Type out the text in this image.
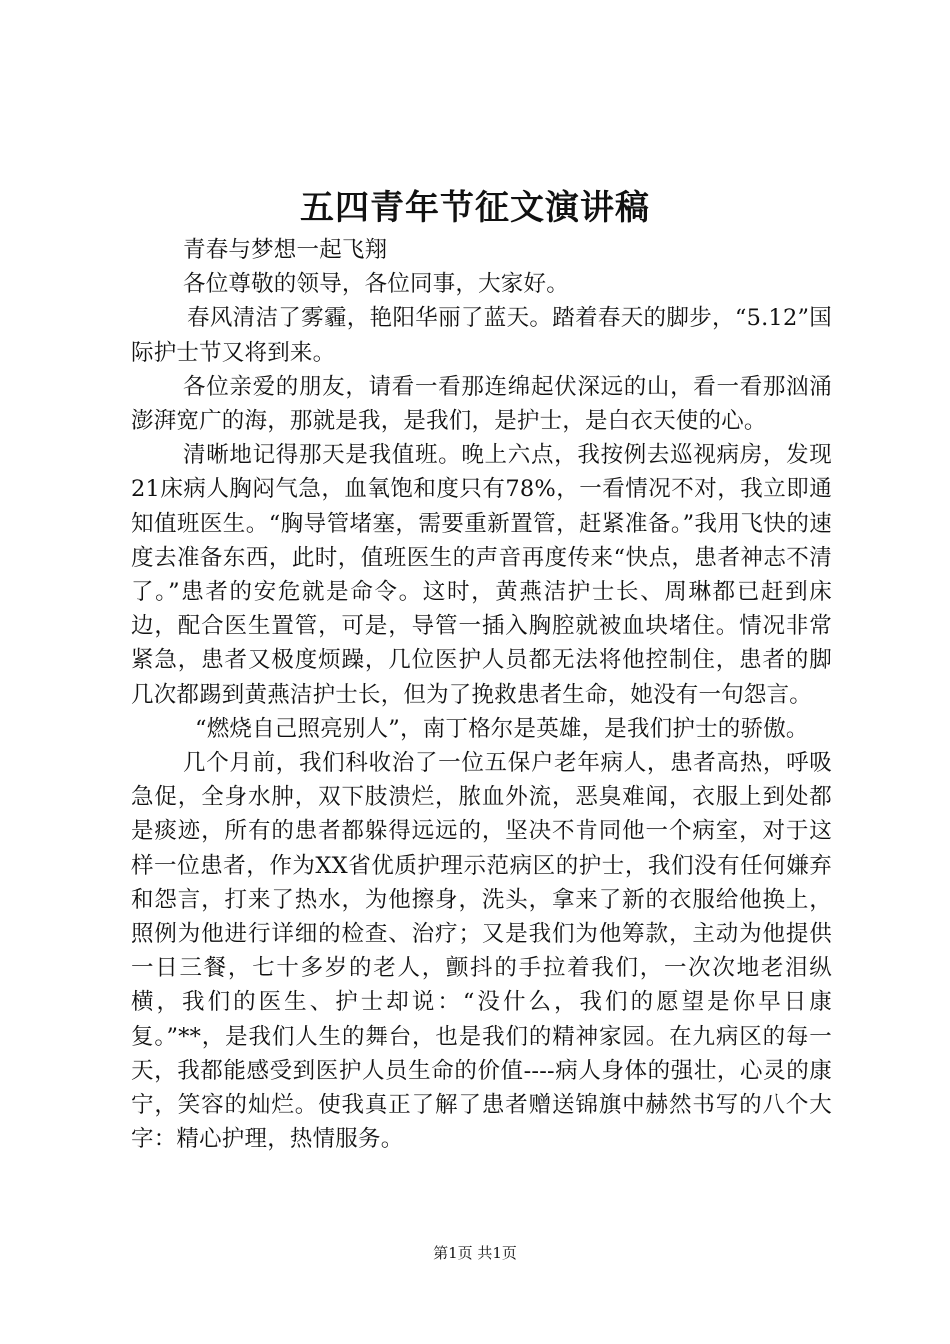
五四青年节征文演讲稿

青春与梦想一起飞翔

各位尊敬的领导，各位同事，大家好。

春风清洁了雾霾，艳阳华丽了蓝天。踏着春天的脚步，“5.12”国际护士节又将到来。

各位亲爱的朋友，请看一看那连绵起伏深远的山，看一看那汹涌澎湃宽广的海，那就是我，是我们，是护士，是白衣天使的心。

清晰地记得那天是我值班。晚上六点，我按例去巡视病房，发现21床病人胸闷气急，血氧饱和度只有78%，一看情况不对，我立即通知值班医生。“胸导管堵塞，需要重新置管，赶紧准备。”我用飞快的速度去准备东西，此时，值班医生的声音再度传来“快点，患者神志不清了。”患者的安危就是命令。这时，黄燕洁护士长、周琳都已赶到床边，配合医生置管，可是，导管一插入胸腔就被血块堵住。情况非常紧急，患者又极度烦躁，几位医护人员都无法将他控制住，患者的脚几次都踢到黄燕洁护士长，但为了挽救患者生命，她没有一句怨言。

“燃烧自己照亮别人”，南丁格尔是英雄，是我们护士的骄傲。

几个月前，我们科收治了一位五保户老年病人，患者高热，呼吸急促，全身水肿，双下肢溃烂，脓血外流，恶臭难闻，衣服上到处都是痰迹，所有的患者都躲得远远的，坚决不肯同他一个病室，对于这样一位患者，作为XX省优质护理示范病区的护士，我们没有任何嫌弃和怨言，打来了热水，为他擦身，洗头，拿来了新的衣服给他换上，照例为他进行详细的检查、治疗；又是我们为他筹款，主动为他提供一日三餐，七十多岁的老人，颤抖的手拉着我们，一次次地老泪纵横，我们的医生、护士却说：“没什么，我们的愿望是你早日康复。”**，是我们人生的舞台，也是我们的精神家园。在九病区的每一天，我都能感受到医护人员生命的价值----病人身体的强壮，心灵的康宁，笑容的灿烂。使我真正了解了患者赠送锦旗中赫然书写的八个大字：精心护理，热情服务。

第1页 共1页
